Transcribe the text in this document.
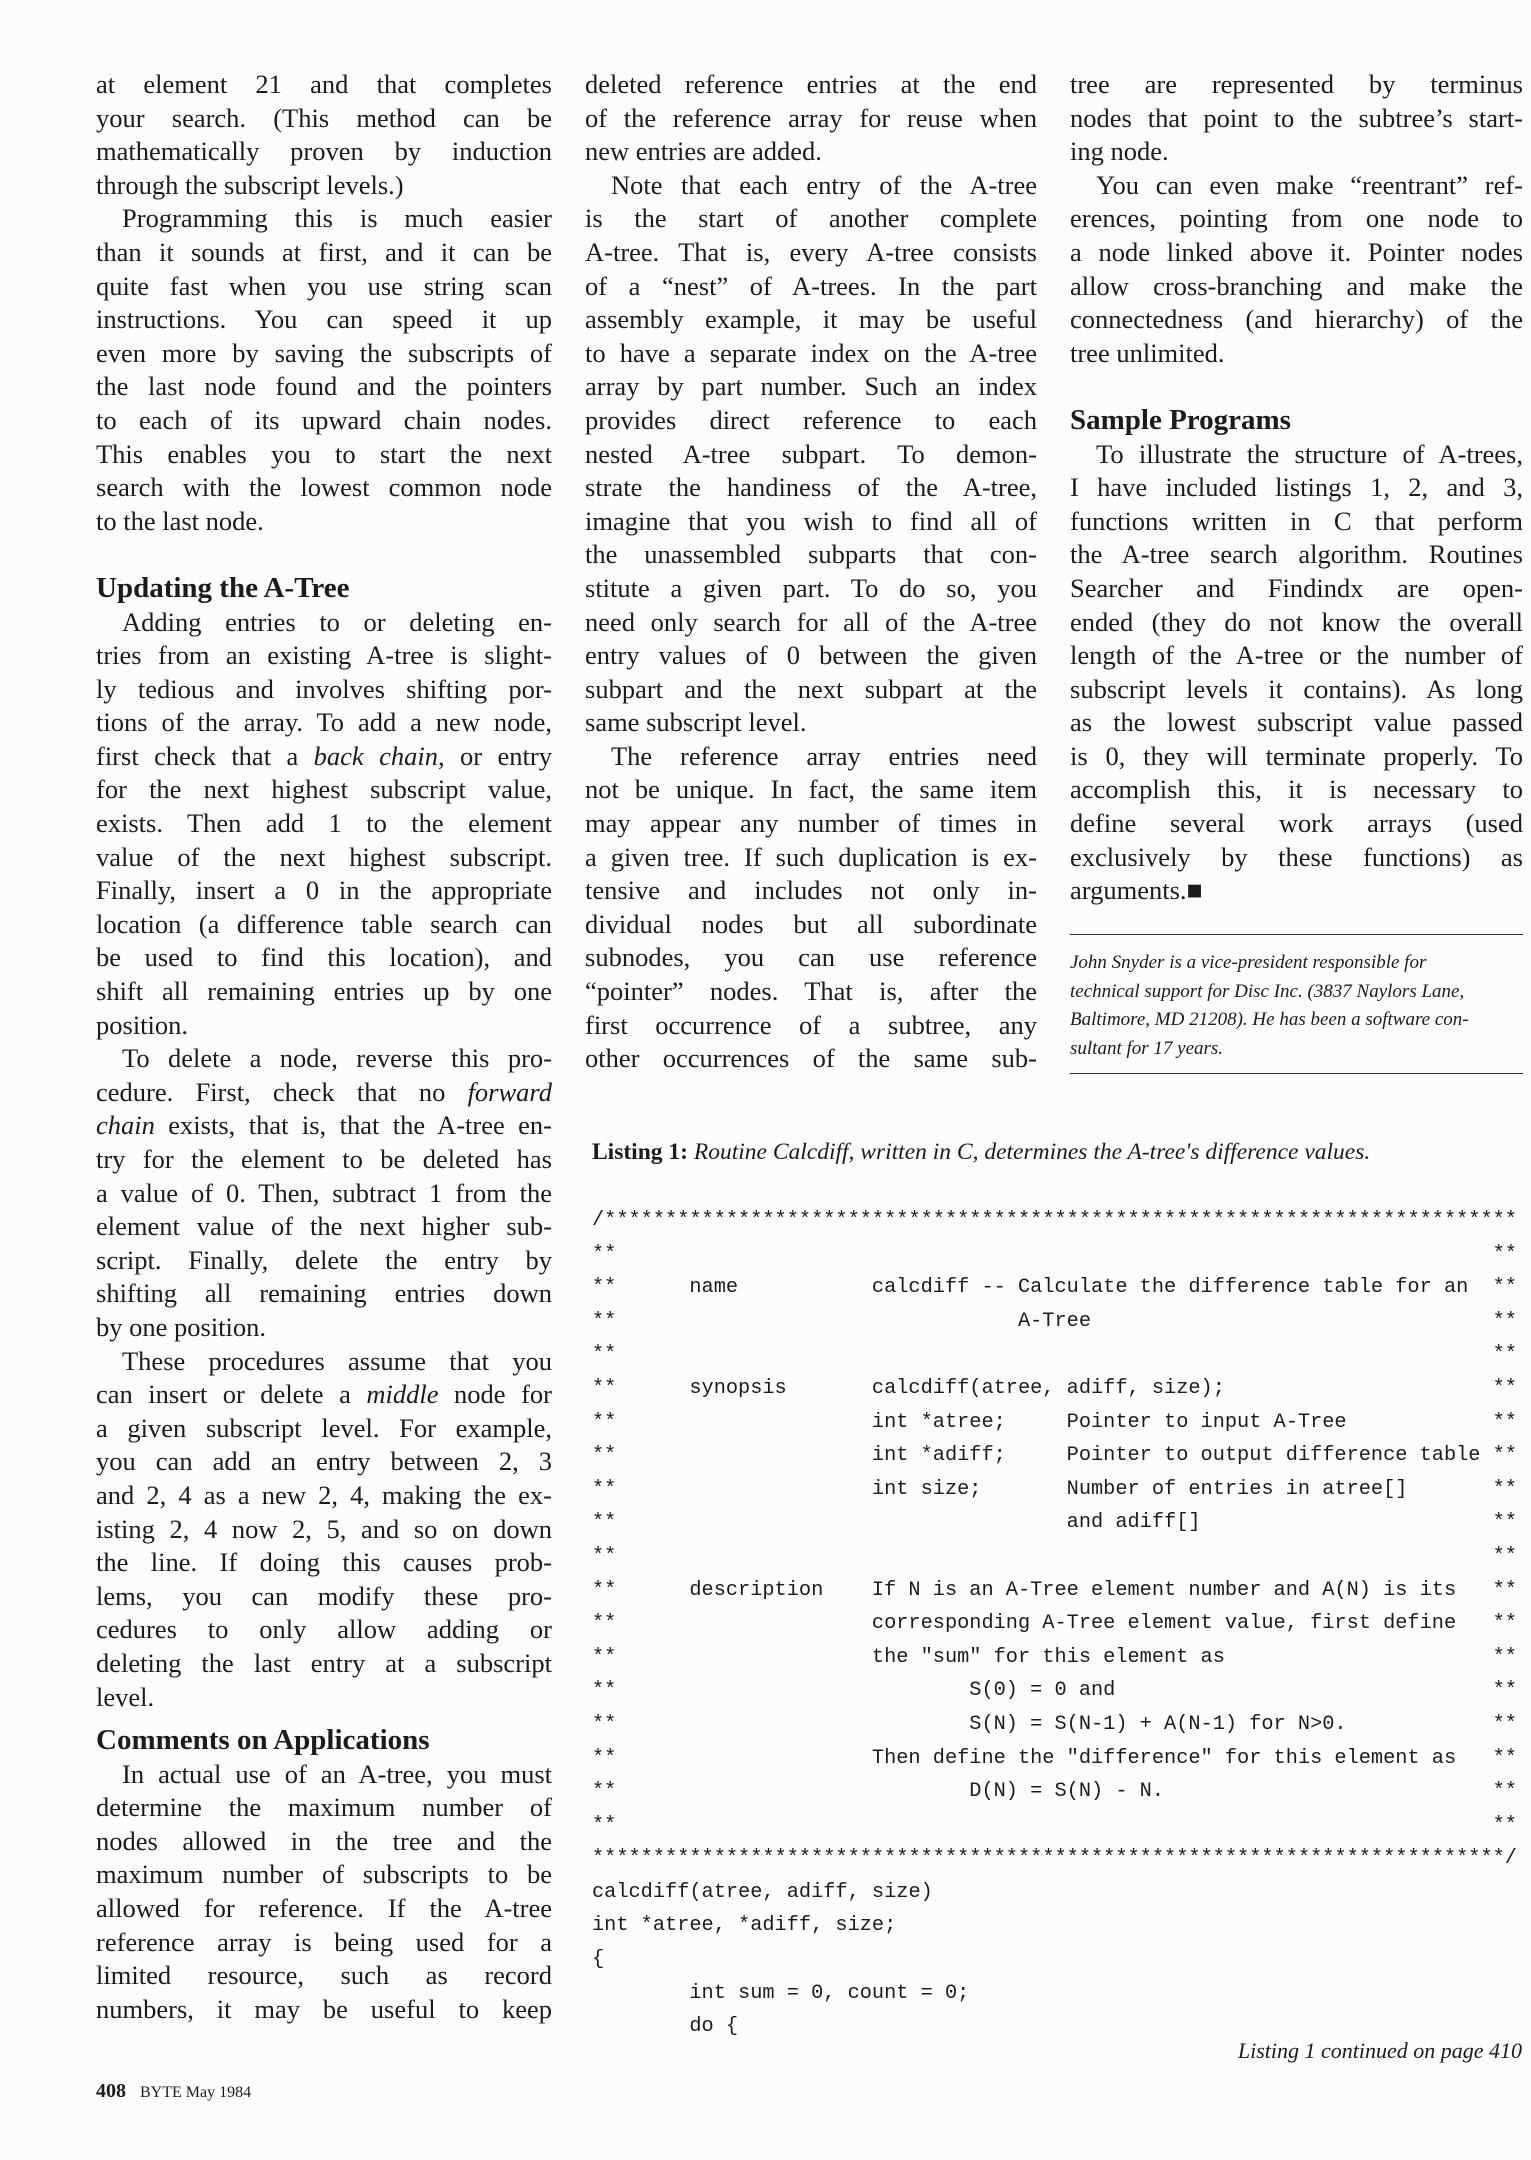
at element 21 and that completes
your search. (This method can be
mathematically proven by induction
through the subscript levels.)
Programming this is much easier
than it sounds at first, and it can be
quite fast when you use string scan
instructions. You can speed it up
even more by saving the subscripts of
the last node found and the pointers
to each of its upward chain nodes.
This enables you to start the next
search with the lowest common node
to the last node.
Updating the A-Tree
Adding entries to or deleting en-
tries from an existing A-tree is slight-
ly tedious and involves shifting por-
tions of the array. To add a new node,
first check that a back chain, or entry
for the next highest subscript value,
exists. Then add 1 to the element
value of the next highest subscript.
Finally, insert a 0 in the appropriate
location (a difference table search can
be used to find this location), and
shift all remaining entries up by one
position.
To delete a node, reverse this pro-
cedure. First, check that no forward
chain exists, that is, that the A-tree en-
try for the element to be deleted has
a value of 0. Then, subtract 1 from the
element value of the next higher sub-
script. Finally, delete the entry by
shifting all remaining entries down
by one position.
These procedures assume that you
can insert or delete a middle node for
a given subscript level. For example,
you can add an entry between 2, 3
and 2, 4 as a new 2, 4, making the ex-
isting 2, 4 now 2, 5, and so on down
the line. If doing this causes prob-
lems, you can modify these pro-
cedures to only allow adding or
deleting the last entry at a subscript
level.
Comments on Applications
In actual use of an A-tree, you must
determine the maximum number of
nodes allowed in the tree and the
maximum number of subscripts to be
allowed for reference. If the A-tree
reference array is being used for a
limited resource, such as record
numbers, it may be useful to keep
deleted reference entries at the end
of the reference array for reuse when
new entries are added.
Note that each entry of the A-tree
is the start of another complete
A-tree. That is, every A-tree consists
of a “nest” of A-trees. In the part
assembly example, it may be useful
to have a separate index on the A-tree
array by part number. Such an index
provides direct reference to each
nested A-tree subpart. To demon-
strate the handiness of the A-tree,
imagine that you wish to find all of
the unassembled subparts that con-
stitute a given part. To do so, you
need only search for all of the A-tree
entry values of 0 between the given
subpart and the next subpart at the
same subscript level.
The reference array entries need
not be unique. In fact, the same item
may appear any number of times in
a given tree. If such duplication is ex-
tensive and includes not only in-
dividual nodes but all subordinate
subnodes, you can use reference
“pointer” nodes. That is, after the
first occurrence of a subtree, any
other occurrences of the same sub-
tree are represented by terminus
nodes that point to the subtree’s start-
ing node.
You can even make “reentrant” ref-
erences, pointing from one node to
a node linked above it. Pointer nodes
allow cross-branching and make the
connectedness (and hierarchy) of the
tree unlimited.
Sample Programs
To illustrate the structure of A-trees,
I have included listings 1, 2, and 3,
functions written in C that perform
the A-tree search algorithm. Routines
Searcher and Findindx are open-
ended (they do not know the overall
length of the A-tree or the number of
subscript levels it contains). As long
as the lowest subscript value passed
is 0, they will terminate properly. To
accomplish this, it is necessary to
define several work arrays (used
exclusively by these functions) as
arguments.■
John Snyder is a vice-president responsible for
technical support for Disc Inc. (3837 Naylors Lane,
Baltimore, MD 21208). He has been a software con-
sultant for 17 years.
Listing 1: Routine Calcdiff, written in C, determines the A-tree's difference values.
/***************************************************************************
**	**
**	name	calcdiff -- Calculate the difference table for an **
**	A-Tree	**
**	**
**	synopsis	calcdiff(atree, adiff, size);	**
**	int *atree;     Pointer to input A-Tree	**
**	int *adiff;     Pointer to output difference table **
**	int size;       Number of entries in atree[]	**
**	and adiff[]	**
**	**
**	description If N is an A-Tree element number and A(N) is its **
**	corresponding A-Tree element value, first define **
**	the "sum" for this element as	**
**	S(0) = 0 and	**
**	S(N) = S(N-1) + A(N-1) for N>0.	**
**	Then define the "difference" for this element as **
**	D(N) = S(N) - N.	**
**	**
***************************************************************************/
calcdiff(atree, adiff, size)
int *atree, *adiff, size;
{
int sum = 0, count = 0;
do {
Listing 1 continued on page 410
408 BYTE May 1984
